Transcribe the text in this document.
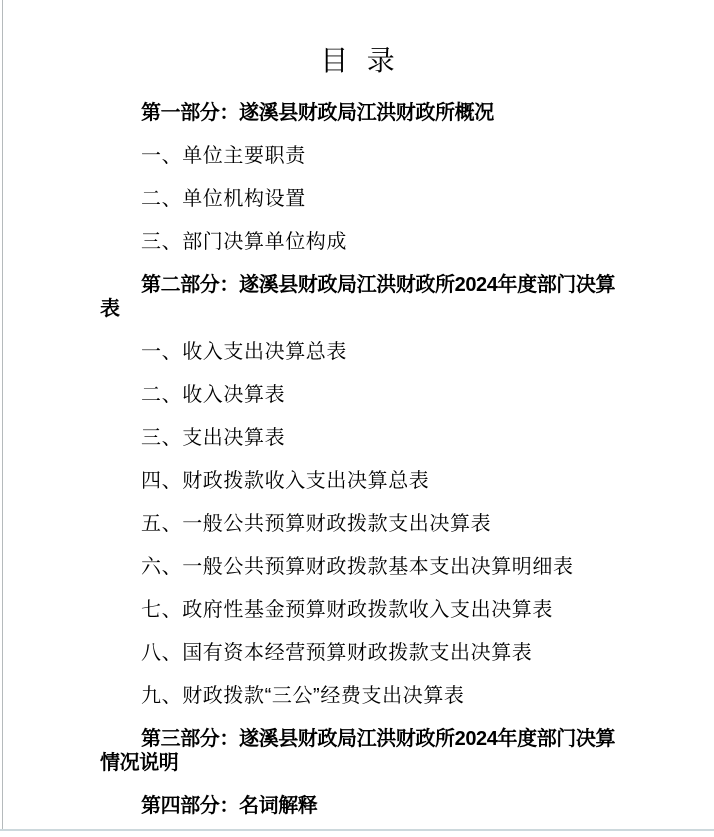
目  录

第一部分：遂溪县财政局江洪财政所概况

一、单位主要职责

二、单位机构设置

三、部门决算单位构成

第二部分：遂溪县财政局江洪财政所2024年度部门决算表

一、收入支出决算总表

二、收入决算表

三、支出决算表

四、财政拨款收入支出决算总表

五、一般公共预算财政拨款支出决算表

六、一般公共预算财政拨款基本支出决算明细表

七、政府性基金预算财政拨款收入支出决算表

八、国有资本经营预算财政拨款支出决算表

九、财政拨款“三公”经费支出决算表

第三部分：遂溪县财政局江洪财政所2024年度部门决算情况说明

第四部分：名词解释
